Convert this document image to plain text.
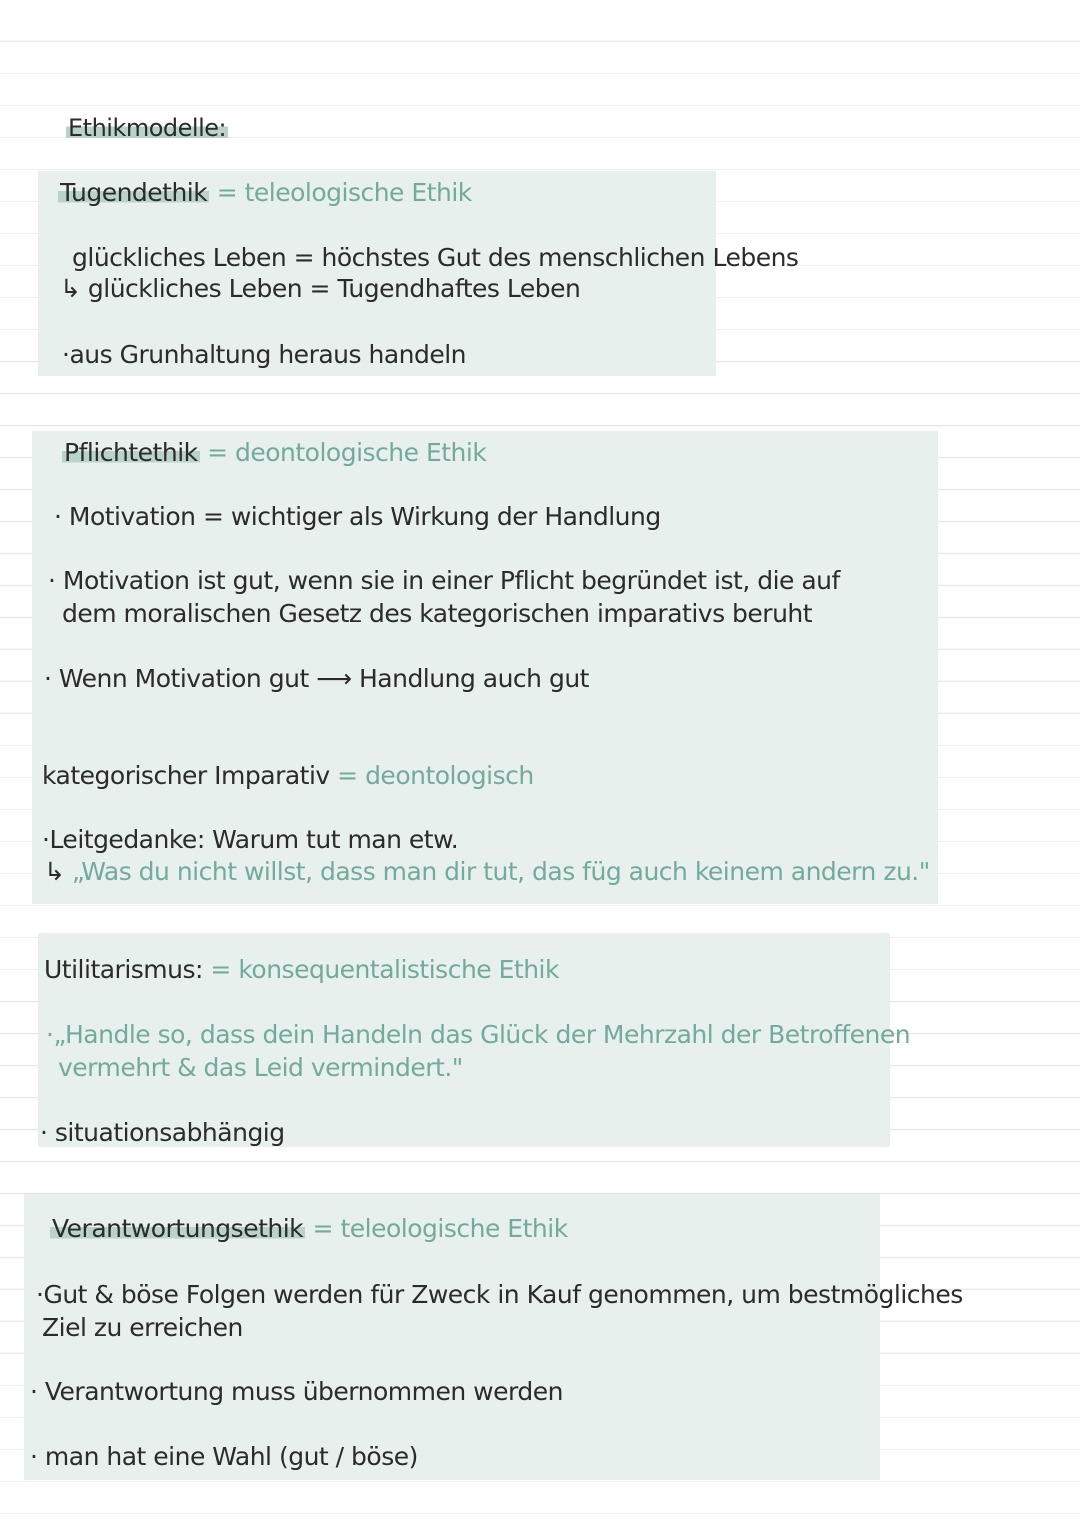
Ethikmodelle:
Tugendethik = teleologische Ethik
glückliches Leben = höchstes Gut des menschlichen Lebens
↳ glückliches Leben = Tugendhaftes Leben
·aus Grunhaltung heraus handeln
Pflichtethik = deontologische Ethik
· Motivation = wichtiger als Wirkung der Handlung
· Motivation ist gut, wenn sie in einer Pflicht begründet ist, die auf
dem moralischen Gesetz des kategorischen imparativs beruht
· Wenn Motivation gut ⟶ Handlung auch gut
kategorischer Imparativ = deontologisch
·Leitgedanke: Warum tut man etw.
↳ „Was du nicht willst, dass man dir tut, das füg auch keinem andern zu."
Utilitarismus: = konsequentalistische Ethik
·„Handle so, dass dein Handeln das Glück der Mehrzahl der Betroffenen
vermehrt & das Leid vermindert."
· situationsabhängig
Verantwortungsethik = teleologische Ethik
·Gut & böse Folgen werden für Zweck in Kauf genommen, um bestmögliches
Ziel zu erreichen
· Verantwortung muss übernommen werden
· man hat eine Wahl (gut / böse)
